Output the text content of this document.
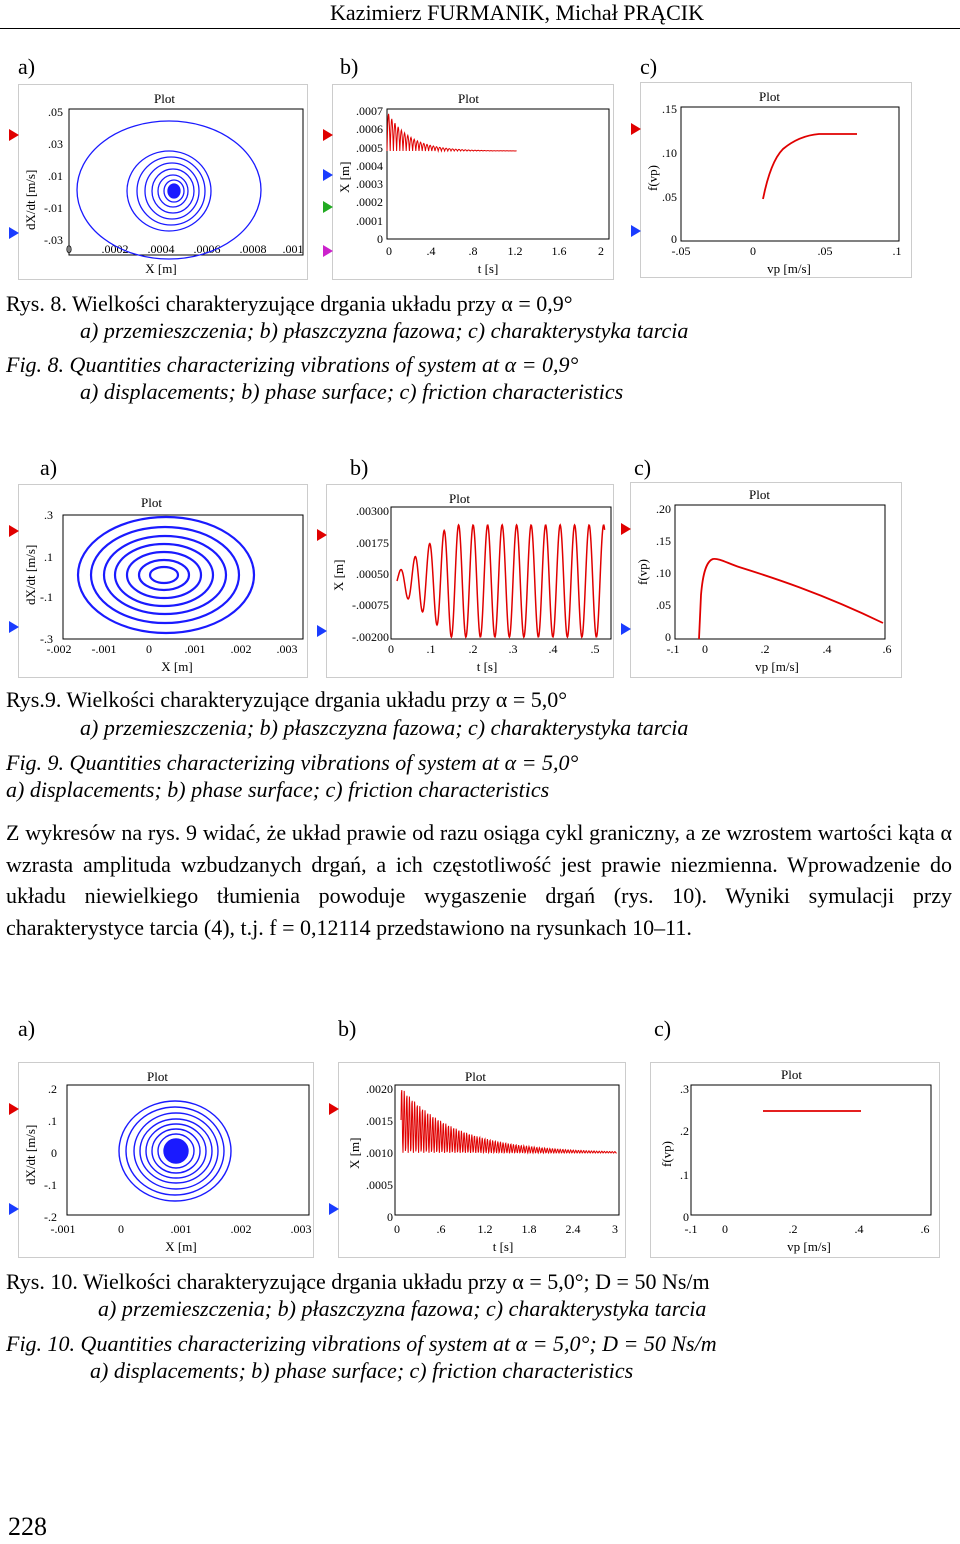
Kazimierz FURMANIK, Michał PRĄCIK
a)	b)	c)
Plot
dX/dt [m/s]
.05
.03
.01
-.01
-.03
0 .0002 .0004 .0006 .0008 .001
X [m]
Plot
X [m]
.0007
.0006
.0005
.0004
.0003
.0002
.0001
0
0	.4	.8	1.2 1.6	2
t [s]
Plot
f(vp)
.15
.10
.05
0
-.05	0	.05	.1
vp [m/s]
Rys. 8. Wielkości charakteryzujące drgania układu przy α = 0,9°
a) przemieszczenia; b) płaszczyzna fazowa; c) charakterystyka tarcia
Fig. 8. Quantities characterizing vibrations of system at α = 0,9°
a) displacements; b) phase surface; c) friction characteristics
a)	b)	c)
Plot
dX/dt [m/s]
.3
.1
-.1
-.3
-.002 -.001 0	.001 .002 .003
X [m]
Plot
X [m]
.00300
.00175
.00050
-.00075
-.00200
0	.1	.2	.3	.4	.5
t [s]
Plot
f(vp)
.20
.15
.10
.05
0
-.1 0	.2	.4	.6
vp [m/s]
Rys.9. Wielkości charakteryzujące drgania układu przy α = 5,0°
a) przemieszczenia; b) płaszczyzna fazowa; c) charakterystyka tarcia
Fig. 9. Quantities characterizing vibrations of system at α = 5,0°
a) displacements; b) phase surface; c) friction characteristics
Z wykresów na rys. 9 widać, że układ prawie od razu osiąga cykl graniczny, a ze wzrostem wartości kąta α wzrasta amplituda wzbudzanych drgań, a ich częstotliwość jest prawie niezmienna. Wprowadzenie do układu niewielkiego tłumienia powoduje wygaszenie drgań (rys. 10). Wyniki symulacji przy charakterystyce tarcia (4), t.j. f = 0,12114 przedstawiono na rysunkach 10–11.
a)	b)	c)
Plot
dX/dt [m/s]
.2
.1
0
-.1
-.2
-.001	0	.001	.002	.003
X [m]
Plot
X [m]
.0020
.0015
.0010
.0005
0
0	.6	1.2 1.8 2.4	3
t [s]
Plot
f(vp)
.3
.2
.1
0
-.1 0	.2	.4	.6
vp [m/s]
Rys. 10. Wielkości charakteryzujące drgania układu przy α = 5,0°; D = 50 Ns/m
a) przemieszczenia; b) płaszczyzna fazowa; c) charakterystyka tarcia
Fig. 10. Quantities characterizing vibrations of system at α = 5,0°; D = 50 Ns/m
a) displacements; b) phase surface; c) friction characteristics
228
